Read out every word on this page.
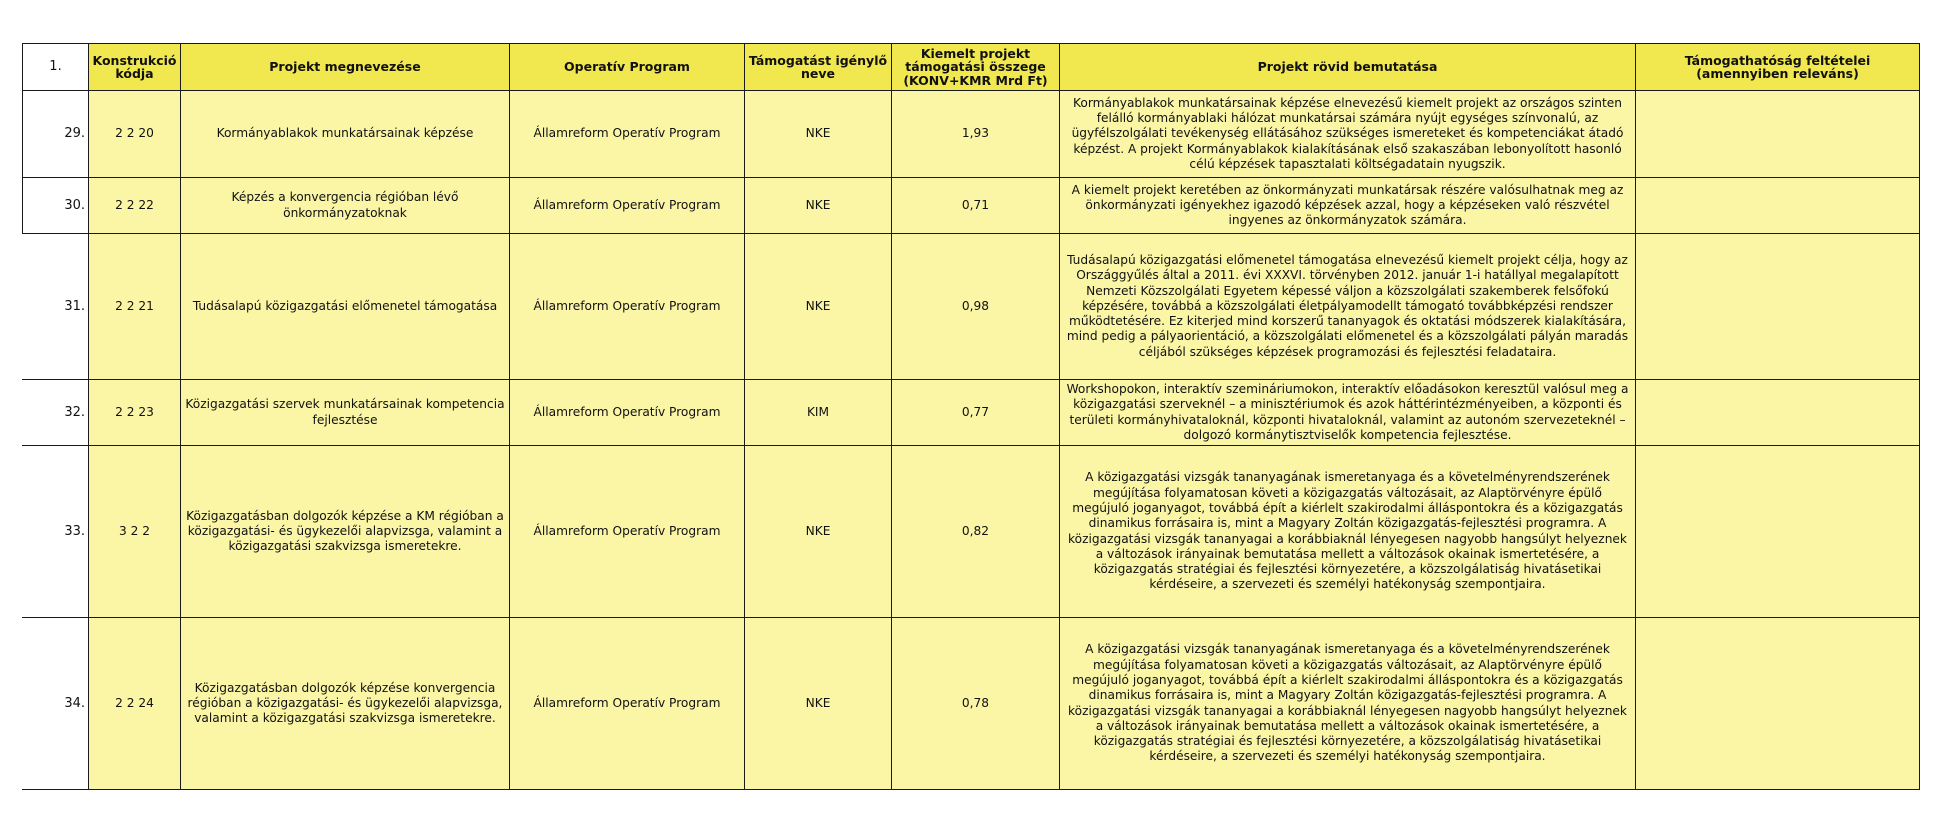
1.	Konstrukció kódja	Projekt megnevezése	Operatív Program	Támogatást igénylő neve	Kiemelt projekt támogatási összege (KONV+KMR Mrd Ft)	Projekt rövid bemutatása	Támogathatóság feltételei (amennyiben releváns)
29.	2 2 20	Kormányablakok munkatársainak képzése	Államreform Operatív Program	NKE	1,93	Kormányablakok munkatársainak képzése elnevezésű kiemelt projekt az országos szinten felálló kormányablaki hálózat munkatársai számára nyújt egységes színvonalú, az ügyfélszolgálati tevékenység ellátásához szükséges ismereteket és kompetenciákat átadó képzést. A projekt Kormányablakok kialakításának első szakaszában lebonyolított hasonló célú képzések tapasztalati költségadatain nyugszik.	
30.	2 2 22	Képzés a konvergencia régióban lévő önkormányzatoknak	Államreform Operatív Program	NKE	0,71	A kiemelt projekt keretében az önkormányzati munkatársak részére valósulhatnak meg az önkormányzati igényekhez igazodó képzések azzal, hogy a képzéseken való részvétel ingyenes az önkormányzatok számára.	
31.	2 2 21	Tudásalapú közigazgatási előmenetel támogatása	Államreform Operatív Program	NKE	0,98	Tudásalapú közigazgatási előmenetel támogatása elnevezésű kiemelt projekt célja, hogy az Országgyűlés által a 2011. évi XXXVI. törvényben 2012. január 1-i hatállyal megalapított Nemzeti Közszolgálati Egyetem képessé váljon a közszolgálati szakemberek felsőfokú képzésére, továbbá a közszolgálati életpályamodellt támogató továbbképzési rendszer működtetésére. Ez kiterjed mind korszerű tananyagok és oktatási módszerek kialakítására, mind pedig a pályaorientáció, a közszolgálati előmenetel és a közszolgálati pályán maradás céljából szükséges képzések programozási és fejlesztési feladataira.	
32.	2 2 23	Közigazgatási szervek munkatársainak kompetencia fejlesztése	Államreform Operatív Program	KIM	0,77	Workshopokon, interaktív szemináriumokon, interaktív előadásokon keresztül valósul meg a közigazgatási szerveknél – a minisztériumok és azok háttérintézményeiben, a központi és területi kormányhivataloknál, központi hivataloknál, valamint az autonóm szervezeteknél – dolgozó kormánytisztviselők kompetencia fejlesztése.	
33.	3 2 2	Közigazgatásban dolgozók képzése a KM régióban a közigazgatási- és ügykezelői alapvizsga, valamint a közigazgatási szakvizsga ismeretekre.	Államreform Operatív Program	NKE	0,82	A közigazgatási vizsgák tananyagának ismeretanyaga és a követelményrendszerének megújítása folyamatosan követi a közigazgatás változásait, az Alaptörvényre épülő megújuló joganyagot, továbbá épít a kiérlelt szakirodalmi álláspontokra és a közigazgatás dinamikus forrásaira is, mint a Magyary Zoltán közigazgatás-fejlesztési programra. A közigazgatási vizsgák tananyagai a korábbiaknál lényegesen nagyobb hangsúlyt helyeznek a változások irányainak bemutatása mellett a változások okainak ismertetésére, a közigazgatás stratégiai és fejlesztési környezetére, a közszolgálatiság hivatásetikai kérdéseire, a szervezeti és személyi hatékonyság szempontjaira.	
34.	2 2 24	Közigazgatásban dolgozók képzése konvergencia régióban a közigazgatási- és ügykezelői alapvizsga, valamint a közigazgatási szakvizsga ismeretekre.	Államreform Operatív Program	NKE	0,78	A közigazgatási vizsgák tananyagának ismeretanyaga és a követelményrendszerének megújítása folyamatosan követi a közigazgatás változásait, az Alaptörvényre épülő megújuló joganyagot, továbbá épít a kiérlelt szakirodalmi álláspontokra és a közigazgatás dinamikus forrásaira is, mint a Magyary Zoltán közigazgatás-fejlesztési programra. A közigazgatási vizsgák tananyagai a korábbiaknál lényegesen nagyobb hangsúlyt helyeznek a változások irányainak bemutatása mellett a változások okainak ismertetésére, a közigazgatás stratégiai és fejlesztési környezetére, a közszolgálatiság hivatásetikai kérdéseire, a szervezeti és személyi hatékonyság szempontjaira.	
